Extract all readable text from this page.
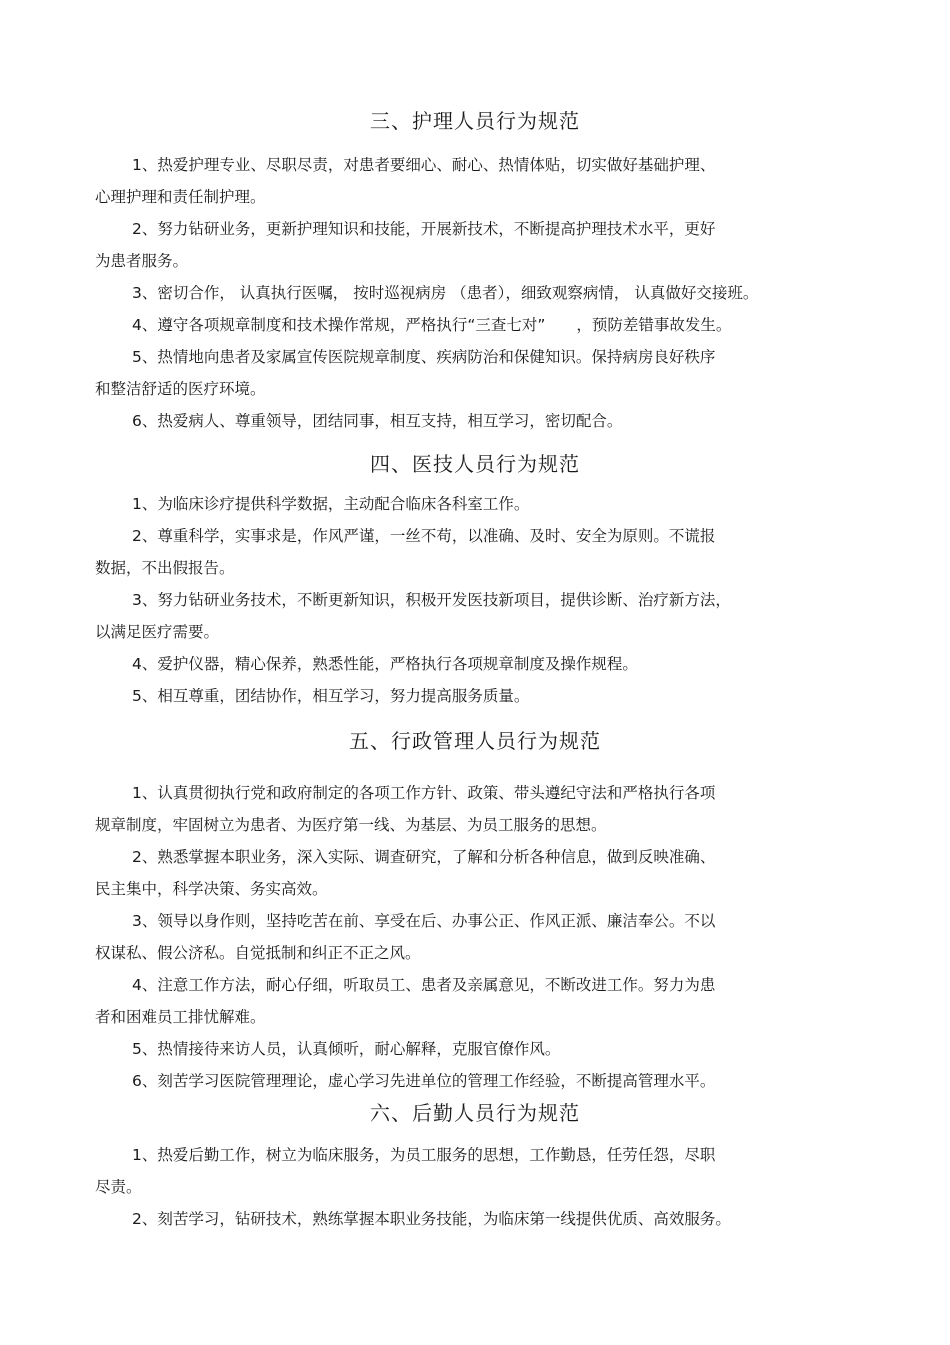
三、护理人员行为规范
1、热爱护理专业、尽职尽责，对患者要细心、耐心、热情体贴，切实做好基础护理、
心理护理和责任制护理。
2、努力钻研业务，更新护理知识和技能，开展新技术，不断提高护理技术水平，更好
为患者服务。
3、密切合作， 认真执行医嘱， 按时巡视病房 （患者），细致观察病情， 认真做好交接班。
4、遵守各项规章制度和技术操作常规，严格执行“三查七对”　　，预防差错事故发生。
5、热情地向患者及家属宣传医院规章制度、疾病防治和保健知识。保持病房良好秩序
和整洁舒适的医疗环境。
6、热爱病人、尊重领导，团结同事，相互支持，相互学习，密切配合。
四、医技人员行为规范
1、为临床诊疗提供科学数据，主动配合临床各科室工作。
2、尊重科学，实事求是，作风严谨，一丝不苟，以准确、及时、安全为原则。不谎报
数据，不出假报告。
3、努力钻研业务技术，不断更新知识，积极开发医技新项目，提供诊断、治疗新方法，
以满足医疗需要。
4、爱护仪器，精心保养，熟悉性能，严格执行各项规章制度及操作规程。
5、相互尊重，团结协作，相互学习，努力提高服务质量。
五、行政管理人员行为规范
1、认真贯彻执行党和政府制定的各项工作方针、政策、带头遵纪守法和严格执行各项
规章制度，牢固树立为患者、为医疗第一线、为基层、为员工服务的思想。
2、熟悉掌握本职业务，深入实际、调查研究，了解和分析各种信息，做到反映准确、
民主集中，科学决策、务实高效。
3、领导以身作则，坚持吃苦在前、享受在后、办事公正、作风正派、廉洁奉公。不以
权谋私、假公济私。自觉抵制和纠正不正之风。
4、注意工作方法，耐心仔细，听取员工、患者及亲属意见，不断改进工作。努力为患
者和困难员工排忧解难。
5、热情接待来访人员，认真倾听，耐心解释，克服官僚作风。
6、刻苦学习医院管理理论，虚心学习先进单位的管理工作经验，不断提高管理水平。
六、后勤人员行为规范
1、热爱后勤工作，树立为临床服务，为员工服务的思想，工作勤恳，任劳任怨，尽职
尽责。
2、刻苦学习，钻研技术，熟练掌握本职业务技能，为临床第一线提供优质、高效服务。
